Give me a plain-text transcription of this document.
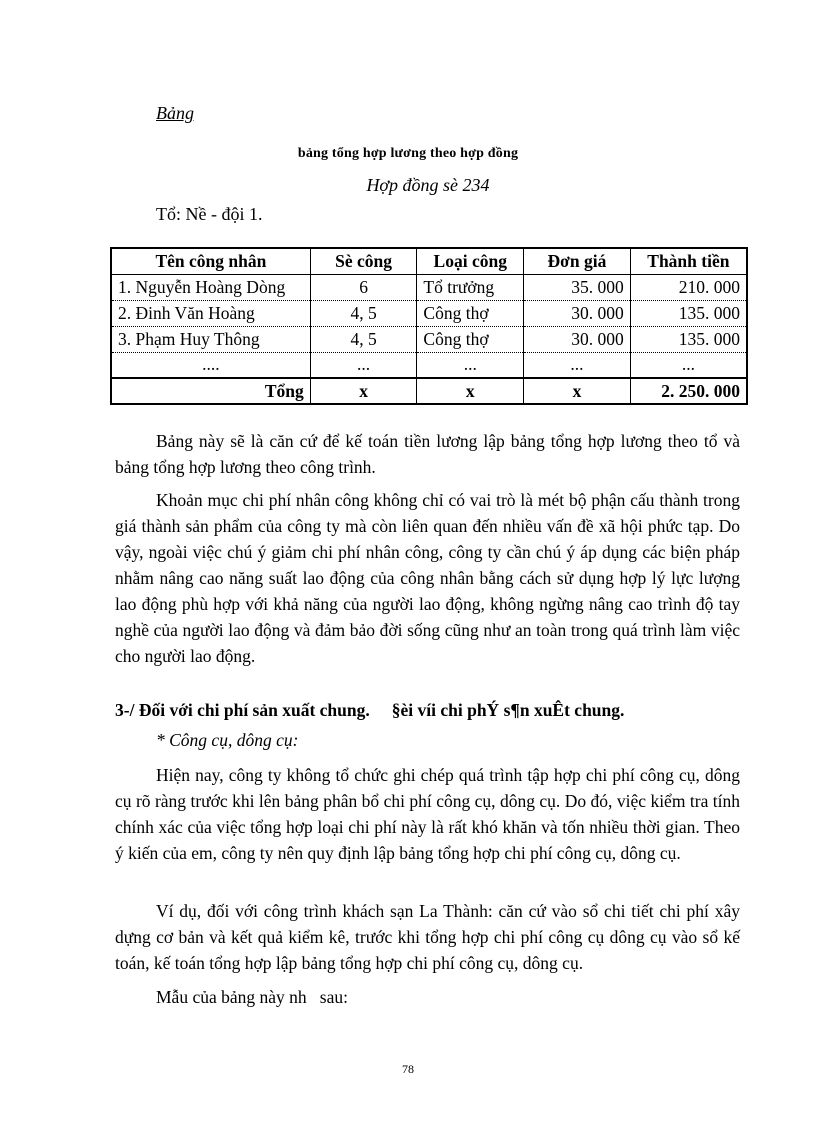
Bảng
bảng tổng hợp lương theo hợp đồng
Hợp đồng sè 234
Tổ: Nề - đội 1.
Tên công nhân	Sè công	Loại công	Đơn giá	Thành tiền
1. Nguyễn Hoàng Dòng	6	Tổ trưởng	35. 000	210. 000
2. Đinh Văn Hoàng	4, 5	Công thợ	30. 000	135. 000
3. Phạm Huy Thông	4, 5	Công thợ	30. 000	135. 000
....	...	...	...	...
Tổng	x	x	x	2. 250. 000

Bảng này sẽ là căn cứ để kế toán tiền lương lập bảng tổng hợp lương theo tổ và bảng tổng hợp lương theo công trình.

Khoản mục chi phí nhân công không chỉ có vai trò là mét bộ phận cấu thành trong giá thành sản phẩm của công ty mà còn liên quan đến nhiều vấn đề xã hội phức tạp. Do vậy, ngoài việc chú ý giảm chi phí nhân công, công ty cần chú ý áp dụng các biện pháp nhằm nâng cao năng suất lao động của công nhân bằng cách sử dụng hợp lý lực lượng lao động phù hợp với khả năng của người lao động, không ngừng nâng cao trình độ tay nghề của người lao động và đảm bảo đời sống cũng như an toàn trong quá trình làm việc cho người lao động.

3-/ Đối với chi phí sản xuất chung. §èi víi chi phÝ s¶n xuÊt chung.
* Công cụ, dông cụ:

Hiện nay, công ty không tổ chức ghi chép quá trình tập hợp chi phí công cụ, dông cụ rõ ràng trước khi lên bảng phân bổ chi phí công cụ, dông cụ. Do đó, việc kiểm tra tính chính xác của việc tổng hợp loại chi phí này là rất khó khăn và tốn nhiều thời gian. Theo ý kiến của em, công ty nên quy định lập bảng tổng hợp chi phí công cụ, dông cụ.

Ví dụ, đối với công trình khách sạn La Thành: căn cứ vào sổ chi tiết chi phí xây dựng cơ bản và kết quả kiểm kê, trước khi tổng hợp chi phí công cụ dông cụ vào sổ kế toán, kế toán tổng hợp lập bảng tổng hợp chi phí công cụ, dông cụ.

Mẫu của bảng này nh   sau:

78
